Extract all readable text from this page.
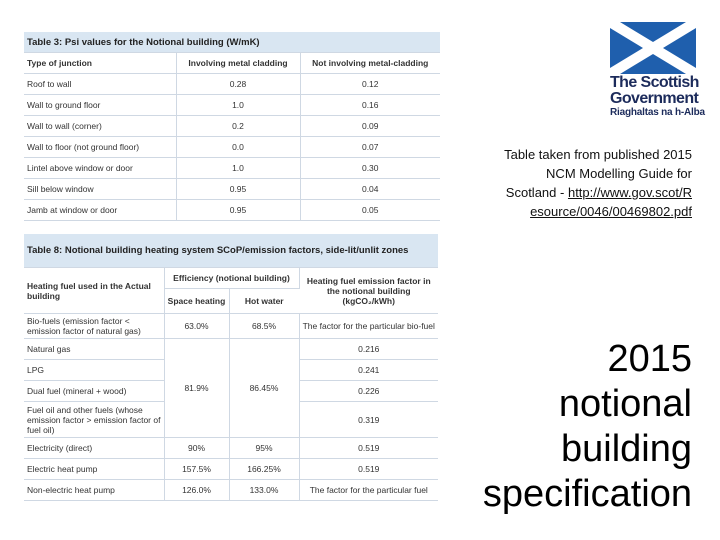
Table 3: Psi values for the Notional building (W/mK)		
Type of junction	Involving metal cladding	Not involving metal-cladding
Roof to wall	0.28	0.12
Wall to ground floor	1.0	0.16
Wall to wall (corner)	0.2	0.09
Wall to floor (not ground floor)	0.0	0.07
Lintel above window or door	1.0	0.30
Sill below window	0.95	0.04
Jamb at window or door	0.95	0.05
Table 8: Notional building heating system SCoP/emission factors, side-lit/unlit zones			
Heating fuel used in the Actual building	Efficiency (notional building)		Heating fuel emission factor in the notional building (kgCO₂/kWh)
	Space heating	Hot water	
Bio-fuels (emission factor < emission factor of natural gas)	63.0%	68.5%	The factor for the particular bio-fuel
Natural gas	81.9%	86.45%	0.216
LPG			0.241
Dual fuel (mineral + wood)			0.226
Fuel oil and other fuels (whose emission factor > emission factor of fuel oil)			0.319
Electricity (direct)	90%	95%	0.519
Electric heat pump	157.5%	166.25%	0.519
Non-electric heat pump	126.0%	133.0%	The factor for the particular fuel
The Scottish
Government
Riaghaltas na h-Alba
Table taken from published 2015 NCM Modelling Guide for Scotland - http://www.gov.scot/Resource/0046/00469802.pdf
2015
notional
building
specification
